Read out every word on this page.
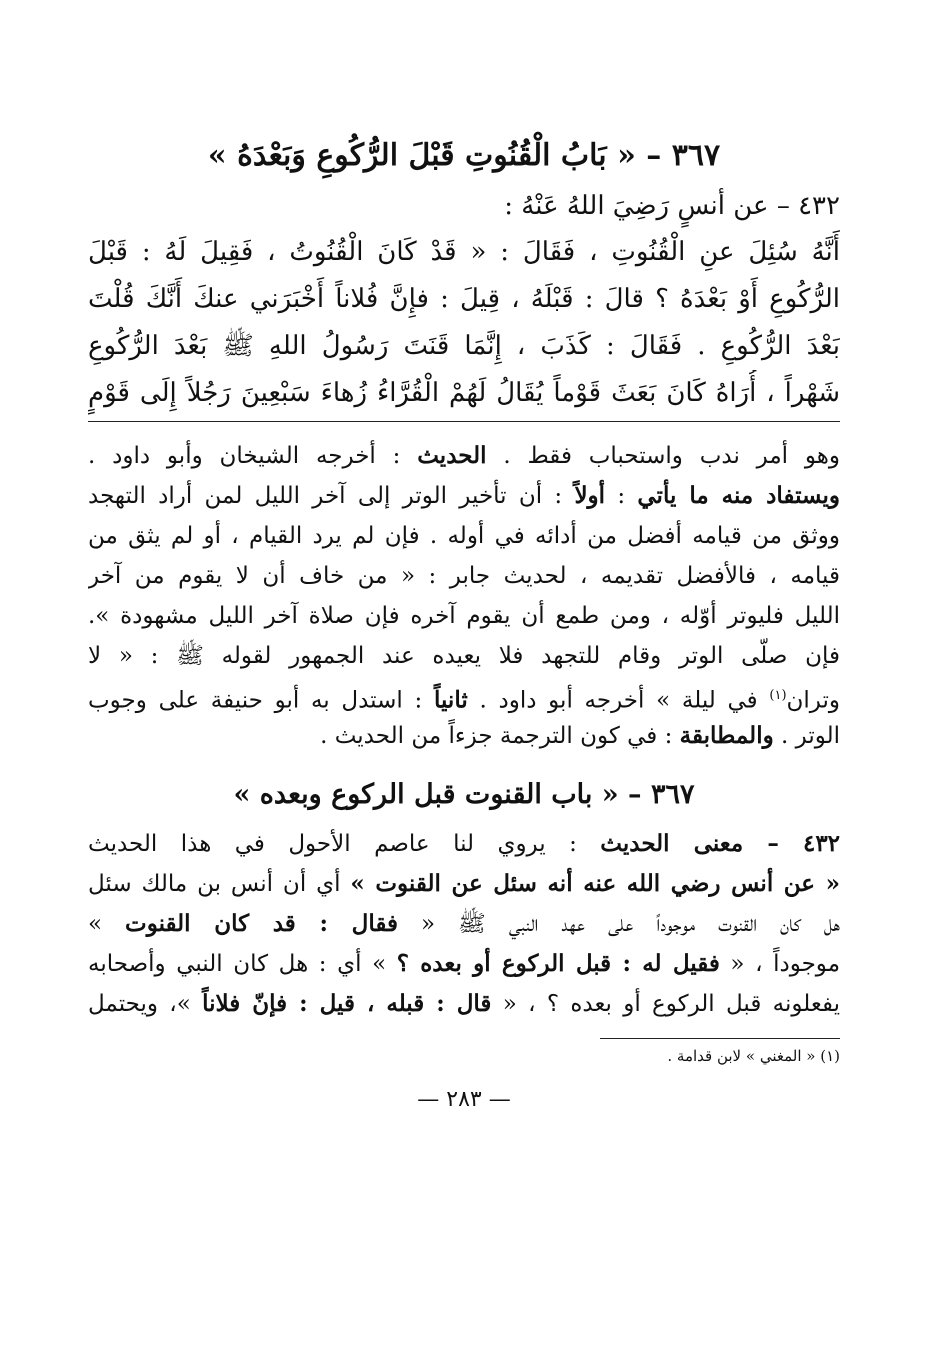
٣٦٧ – « بَابُ الْقُنُوتِ قَبْلَ الرُّكُوعِ وَبَعْدَهُ »
٤٣٢ – عن أنسٍ رَضِيَ اللهُ عَنْهُ :
أَنَّهُ سُئِلَ عنِ الْقُنُوتِ ، فَقَالَ : « قَدْ كَانَ الْقُنُوتُ ، فَقِيلَ لَهُ : قَبْلَ
الرُّكُوعِ أَوْ بَعْدَهُ ؟ قالَ : قَبْلَهُ ، قِيلَ : فإِنَّ فُلاناً أَخْبَرَني عنكَ أَنَّكَ قُلْتَ
بَعْدَ الرُّكُوعِ . فَقَالَ : كَذَبَ ، إِنَّمَا قَنَتَ رَسُولُ اللهِ ﷺ بَعْدَ الرُّكُوعِ
شَهْراً ، أُرَاهُ كَانَ بَعَثَ قَوْماً يُقَالُ لَهُمْ الْقُرَّاءُ زُهاءَ سَبْعِينَ رَجُلاً إِلَى قَوْمٍ
وهو أمر ندب واستحباب فقط . الحديث : أخرجه الشيخان وأبو داود .
ويستفاد منه ما يأتي : أولاً : أن تأخير الوتر إلى آخر الليل لمن أراد التهجد
ووثق من قيامه أفضل من أدائه في أوله . فإن لم يرد القيام ، أو لم يثق من
قيامه ، فالأفضل تقديمه ، لحديث جابر : « من خاف أن لا يقوم من آخر
الليل فليوتر أوّله ، ومن طمع أن يقوم آخره فإن صلاة آخر الليل مشهودة ».
فإن صلّى الوتر وقام للتجهد فلا يعيده عند الجمهور لقوله ﷺ : « لا
وتران$^{(١)}$ في ليلة » أخرجه أبو داود . ثانياً : استدل به أبو حنيفة على وجوب
الوتر . والمطابقة : في كون الترجمة جزءاً من الحديث .
٣٦٧ – « باب القنوت قبل الركوع وبعده »
٤٣٢ – معنى الحديث : يروي لنا عاصم الأحول في هذا الحديث
« عن أنس رضي الله عنه أنه سئل عن القنوت » أي أن أنس بن مالك سئل
هل كان القنوت موجوداً على عهد النبي ﷺ « فقال : قد كان القنوت »
موجوداً ، « فقيل له : قبل الركوع أو بعده ؟ » أي : هل كان النبي وأصحابه
يفعلونه قبل الركوع أو بعده ؟ ، « قال : قبله ، قيل : فإنّ فلاناً »، ويحتمل
(١) « المغني » لابن قدامة .
— ٢٨٣ —
